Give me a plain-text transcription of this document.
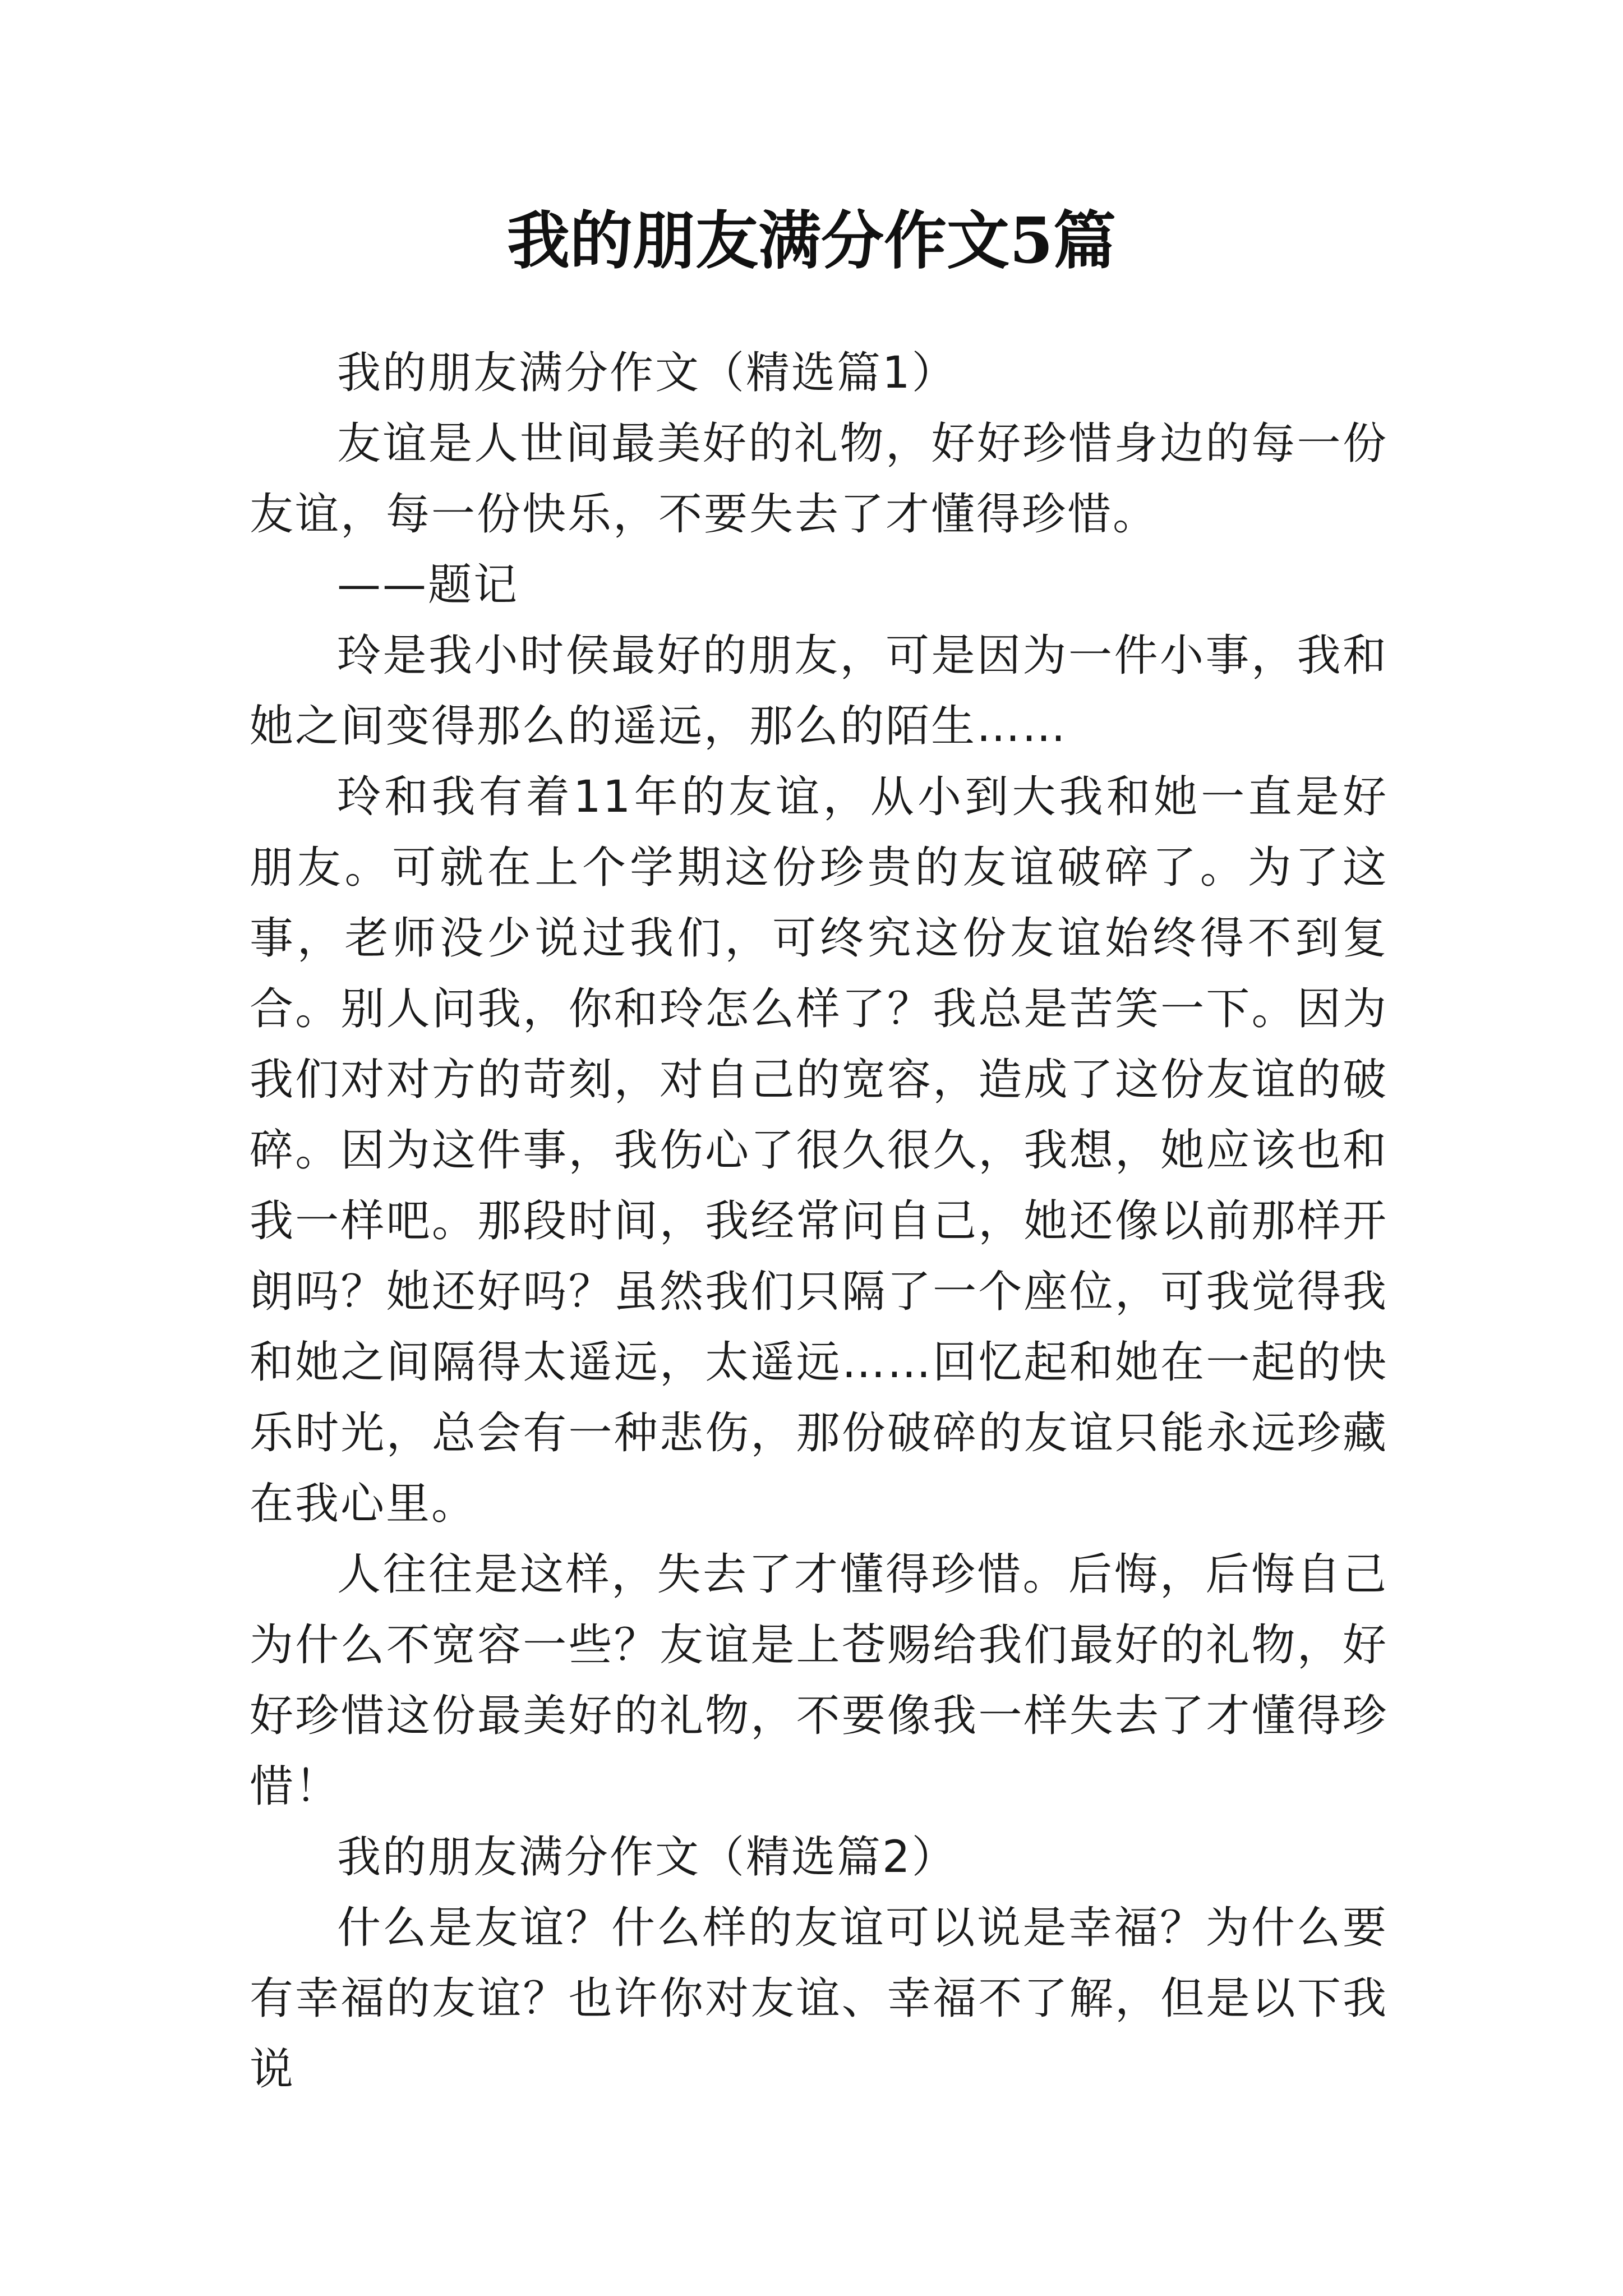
我的朋友满分作文5篇

我的朋友满分作文（精选篇1）

友谊是人世间最美好的礼物，好好珍惜身边的每一份友谊，每一份快乐，不要失去了才懂得珍惜。

——题记

玲是我小时侯最好的朋友，可是因为一件小事，我和她之间变得那么的遥远，那么的陌生……

玲和我有着11年的友谊，从小到大我和她一直是好朋友。可就在上个学期这份珍贵的友谊破碎了。为了这事，老师没少说过我们，可终究这份友谊始终得不到复合。别人问我，你和玲怎么样了？我总是苦笑一下。因为我们对对方的苛刻，对自己的宽容，造成了这份友谊的破碎。因为这件事，我伤心了很久很久，我想，她应该也和我一样吧。那段时间，我经常问自己，她还像以前那样开朗吗？她还好吗？虽然我们只隔了一个座位，可我觉得我和她之间隔得太遥远，太遥远……回忆起和她在一起的快乐时光，总会有一种悲伤，那份破碎的友谊只能永远珍藏在我心里。

人往往是这样，失去了才懂得珍惜。后悔，后悔自己为什么不宽容一些？友谊是上苍赐给我们最好的礼物，好好珍惜这份最美好的礼物，不要像我一样失去了才懂得珍惜！

我的朋友满分作文（精选篇2）

什么是友谊？什么样的友谊可以说是幸福？为什么要有幸福的友谊？也许你对友谊、幸福不了解，但是以下我说
